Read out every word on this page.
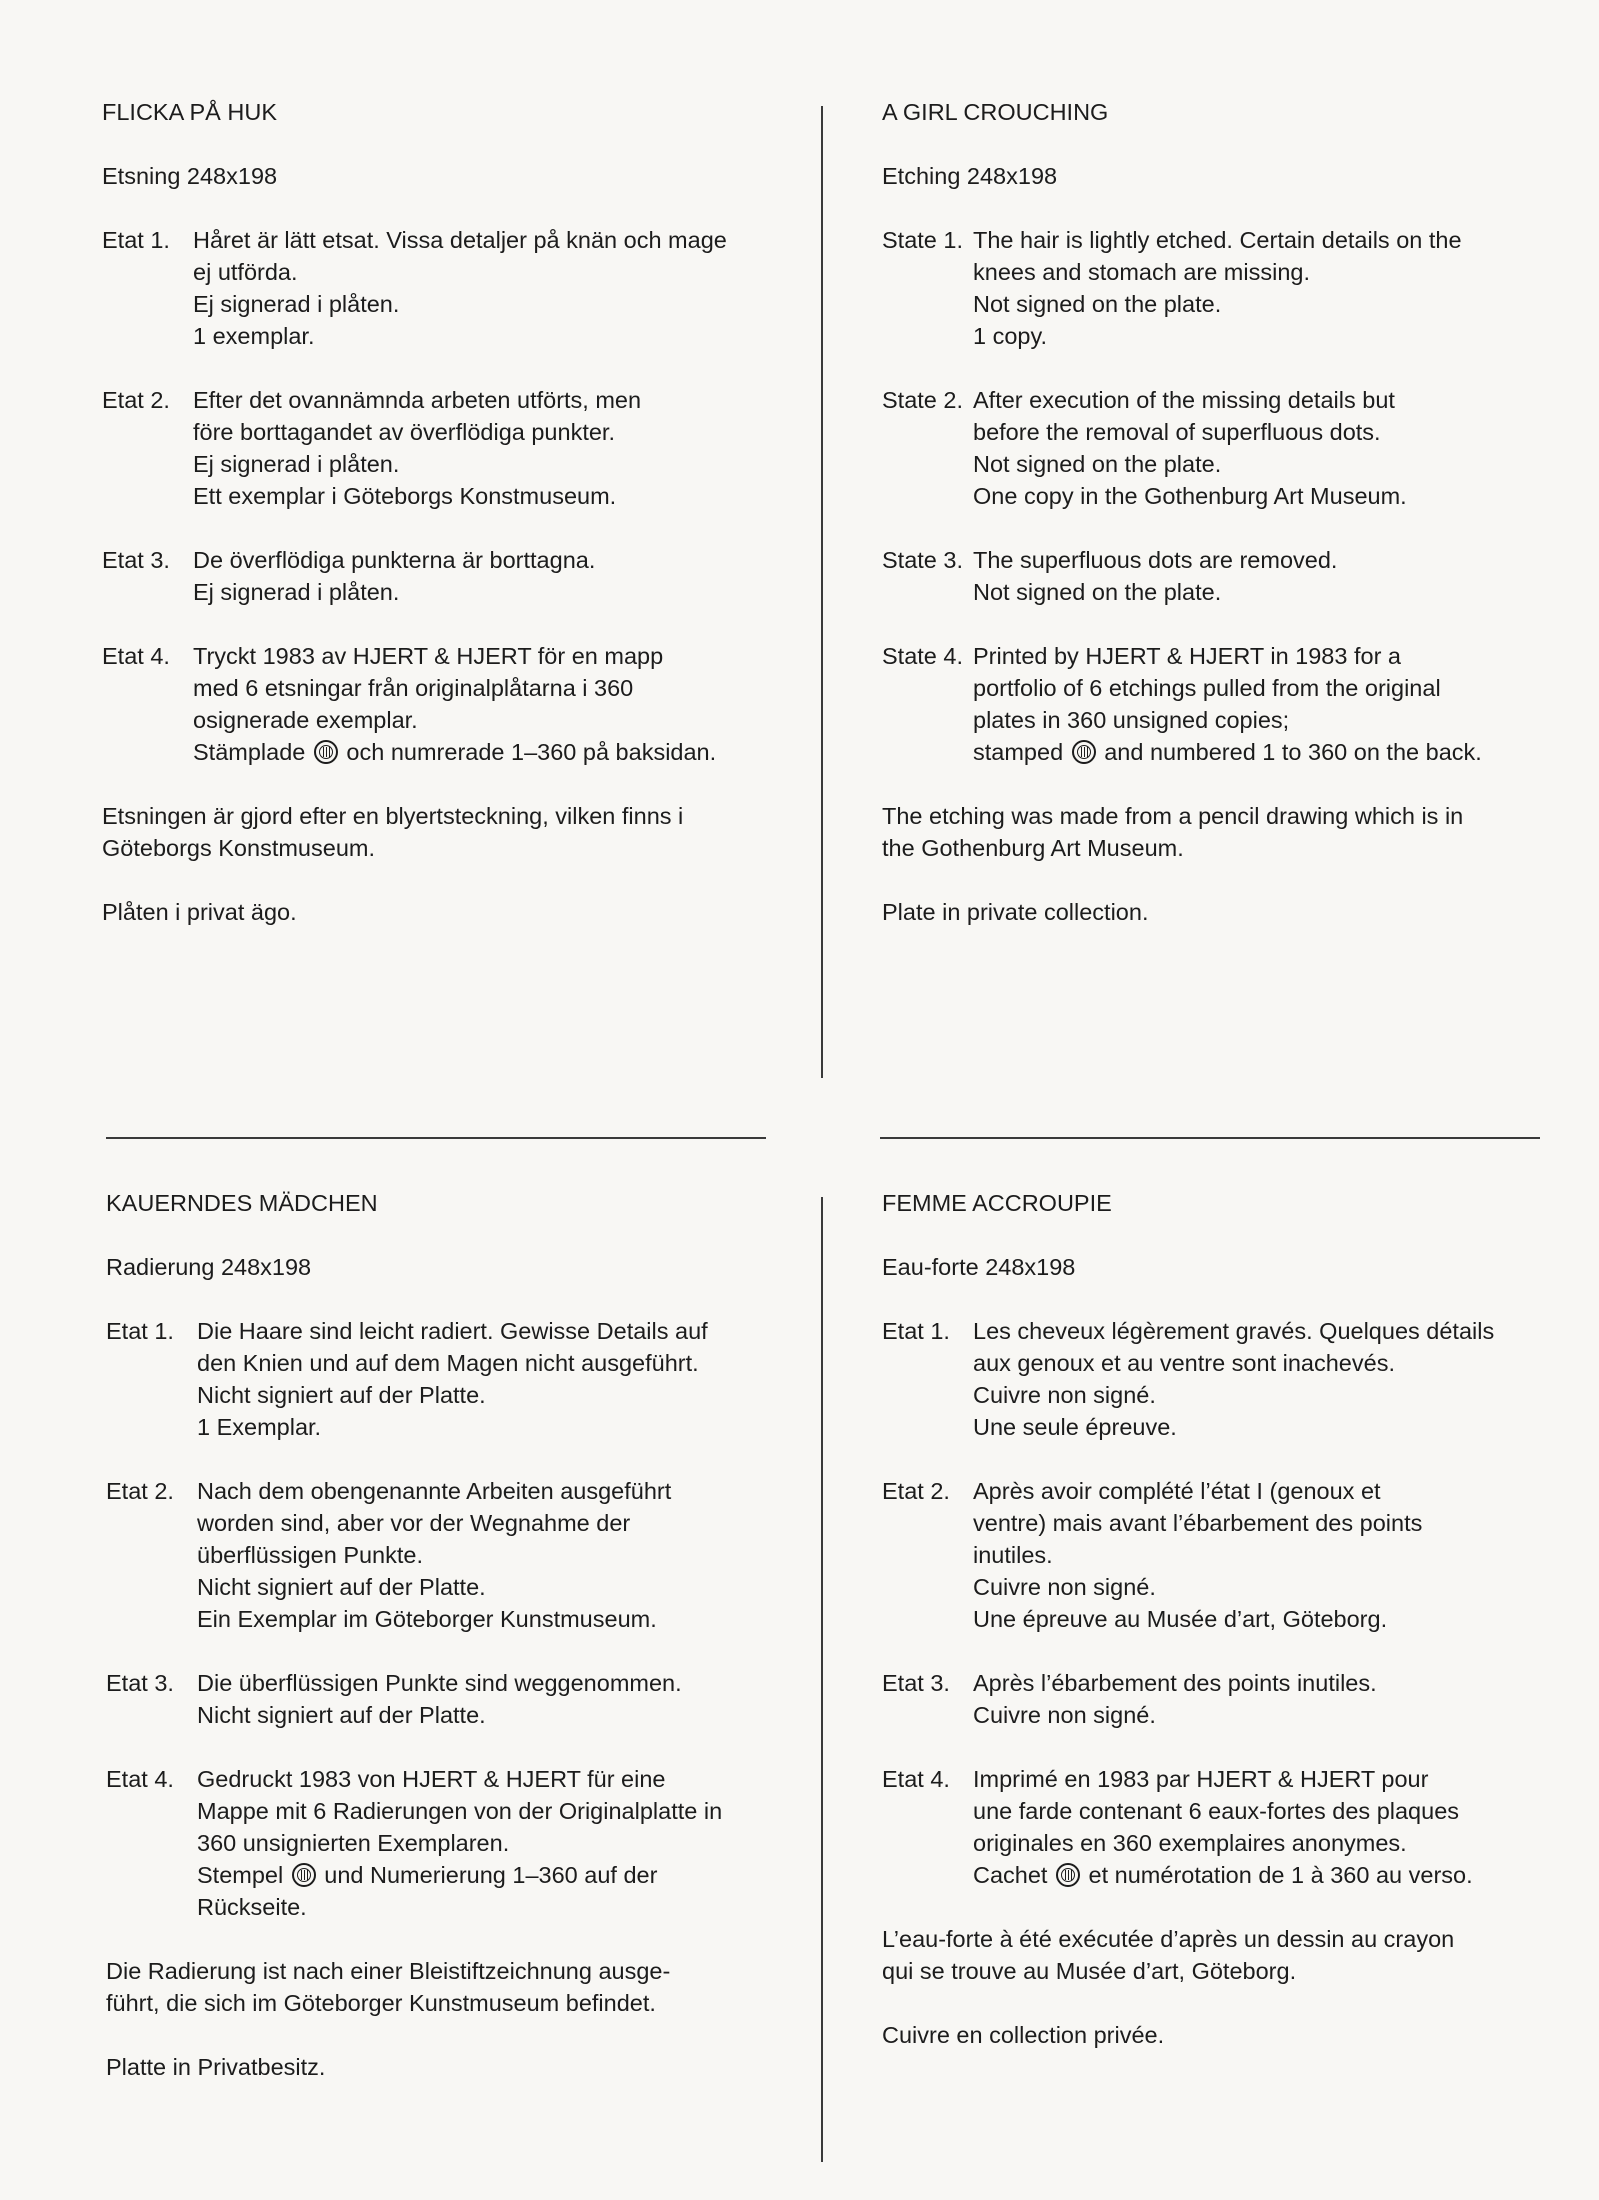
FLICKA PÅ HUK
Etsning 248x198
Etat 1. Håret är lätt etsat. Vissa detaljer på knän och mage
ej utförda.
Ej signerad i plåten.
1 exemplar.
Etat 2. Efter det ovannämnda arbeten utförts, men
före borttagandet av överflödiga punkter.
Ej signerad i plåten.
Ett exemplar i Göteborgs Konstmuseum.
Etat 3. De överflödiga punkterna är borttagna.
Ej signerad i plåten.
Etat 4. Tryckt 1983 av HJERT & HJERT för en mapp
med 6 etsningar från originalplåtarna i 360
osignerade exemplar.
Stämplade och numrerade 1–360 på baksidan.
Etsningen är gjord efter en blyertsteckning, vilken finns i
Göteborgs Konstmuseum.
Plåten i privat ägo.
A GIRL CROUCHING
Etching 248x198
State 1. The hair is lightly etched. Certain details on the
knees and stomach are missing.
Not signed on the plate.
1 copy.
State 2. After execution of the missing details but
before the removal of superfluous dots.
Not signed on the plate.
One copy in the Gothenburg Art Museum.
State 3. The superfluous dots are removed.
Not signed on the plate.
State 4. Printed by HJERT & HJERT in 1983 for a
portfolio of 6 etchings pulled from the original
plates in 360 unsigned copies;
stamped and numbered 1 to 360 on the back.
The etching was made from a pencil drawing which is in
the Gothenburg Art Museum.
Plate in private collection.
KAUERNDES MÄDCHEN
Radierung 248x198
Etat 1. Die Haare sind leicht radiert. Gewisse Details auf
den Knien und auf dem Magen nicht ausgeführt.
Nicht signiert auf der Platte.
1 Exemplar.
Etat 2. Nach dem obengenannte Arbeiten ausgeführt
worden sind, aber vor der Wegnahme der
überflüssigen Punkte.
Nicht signiert auf der Platte.
Ein Exemplar im Göteborger Kunstmuseum.
Etat 3. Die überflüssigen Punkte sind weggenommen.
Nicht signiert auf der Platte.
Etat 4. Gedruckt 1983 von HJERT & HJERT für eine
Mappe mit 6 Radierungen von der Originalplatte in
360 unsignierten Exemplaren.
Stempel und Numerierung 1–360 auf der
Rückseite.
Die Radierung ist nach einer Bleistiftzeichnung ausge-
führt, die sich im Göteborger Kunstmuseum befindet.
Platte in Privatbesitz.
FEMME ACCROUPIE
Eau-forte 248x198
Etat 1. Les cheveux légèrement gravés. Quelques détails
aux genoux et au ventre sont inachevés.
Cuivre non signé.
Une seule épreuve.
Etat 2. Après avoir complété l’état I (genoux et
ventre) mais avant l’ébarbement des points
inutiles.
Cuivre non signé.
Une épreuve au Musée d’art, Göteborg.
Etat 3. Après l’ébarbement des points inutiles.
Cuivre non signé.
Etat 4. Imprimé en 1983 par HJERT & HJERT pour
une farde contenant 6 eaux-fortes des plaques
originales en 360 exemplaires anonymes.
Cachet et numérotation de 1 à 360 au verso.
L’eau-forte à été exécutée d’après un dessin au crayon
qui se trouve au Musée d’art, Göteborg.
Cuivre en collection privée.
